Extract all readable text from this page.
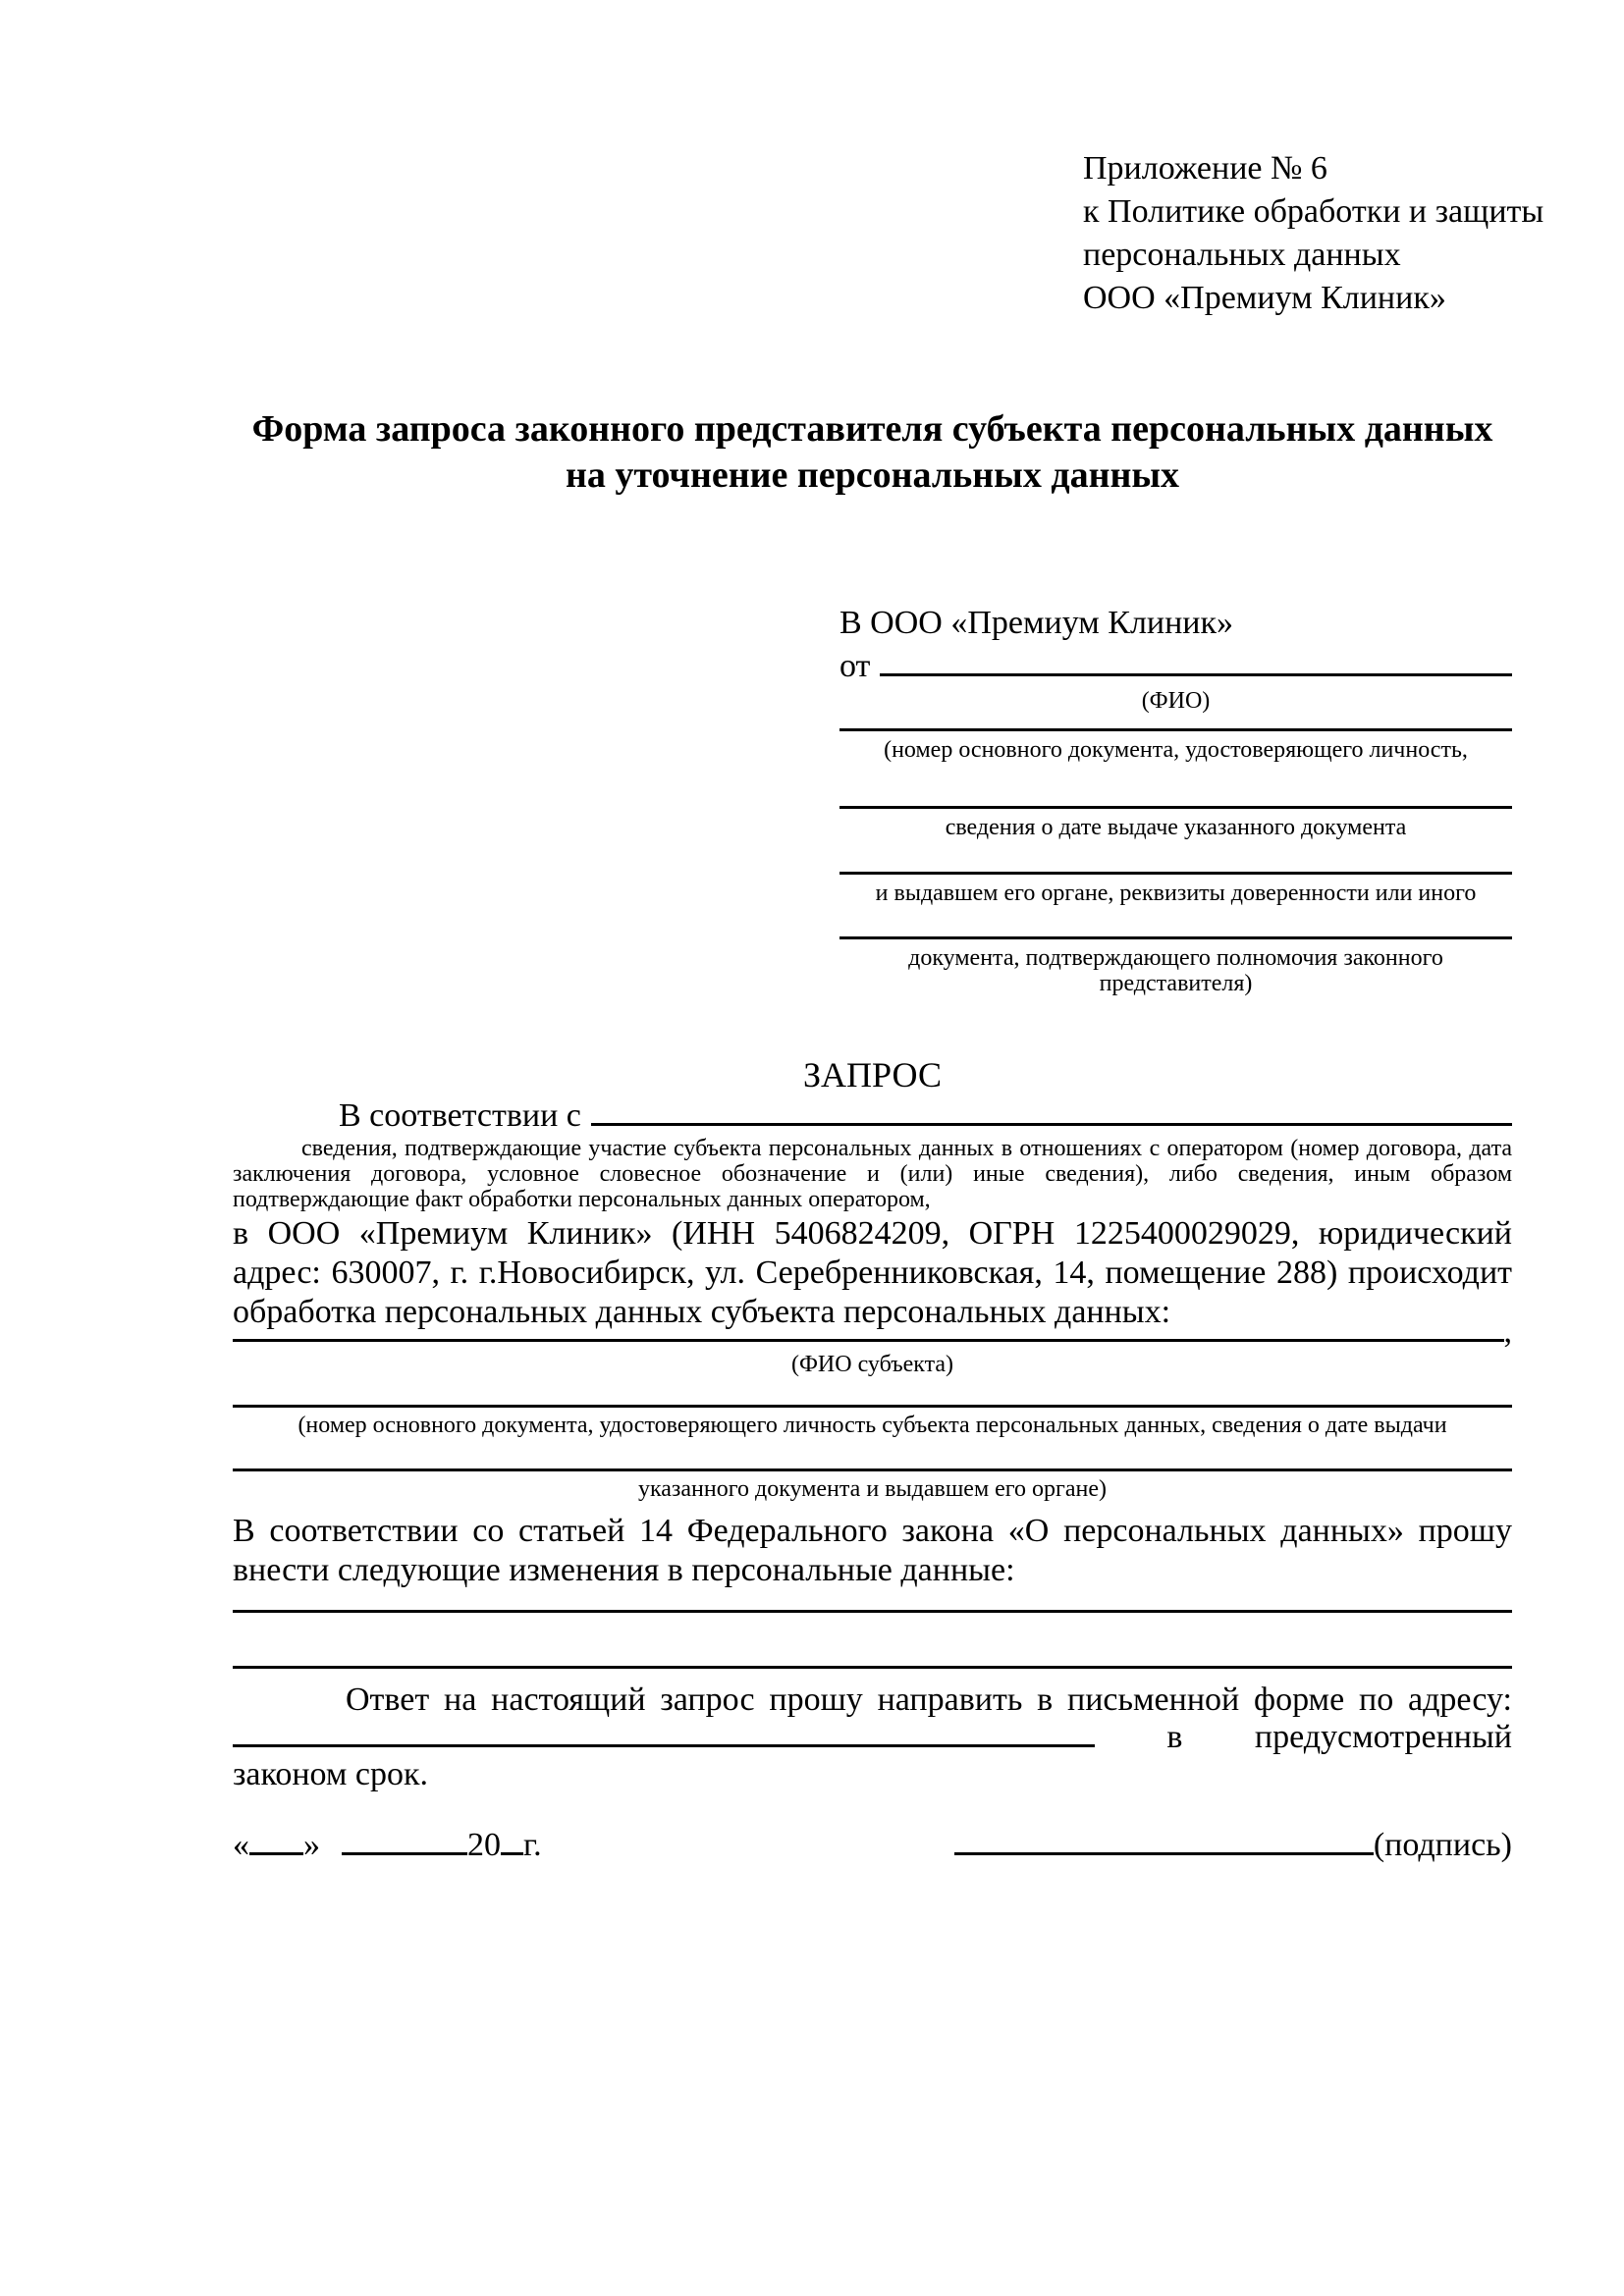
Приложение № 6
к Политике обработки и защиты
персональных данных
ООО «Премиум Клиник»
Форма запроса законного представителя субъекта персональных данных
на уточнение персональных данных
В ООО «Премиум Клиник»
от
(ФИО)
(номер основного документа, удостоверяющего личность,
сведения о дате выдаче указанного документа
и выдавшем его органе, реквизиты доверенности или иного
документа, подтверждающего полномочия законного представителя)
ЗАПРОС
В соответствии с
сведения, подтверждающие участие субъекта персональных данных в отношениях с оператором (номер договора, дата заключения договора, условное словесное обозначение и (или) иные сведения), либо сведения, иным образом подтверждающие факт обработки персональных данных оператором,

в ООО «Премиум Клиник» (ИНН 5406824209, ОГРН 1225400029029, юридический адрес: 630007, г. г.Новосибирск, ул. Серебренниковская, 14, помещение 288) происходит обработка персональных данных субъекта персональных данных:

,
(ФИО субъекта)
(номер основного документа, удостоверяющего личность субъекта персональных данных, сведения о дате выдачи
указанного документа и выдавшем его органе)

В соответствии со статьей 14 Федерального закона «О персональных данных» прошу внести следующие изменения в персональные данные:

Ответ на настоящий запрос прошу направить в письменной форме по адресу:
в предусмотренный
законом срок.
« »	20 г.	(подпись)
